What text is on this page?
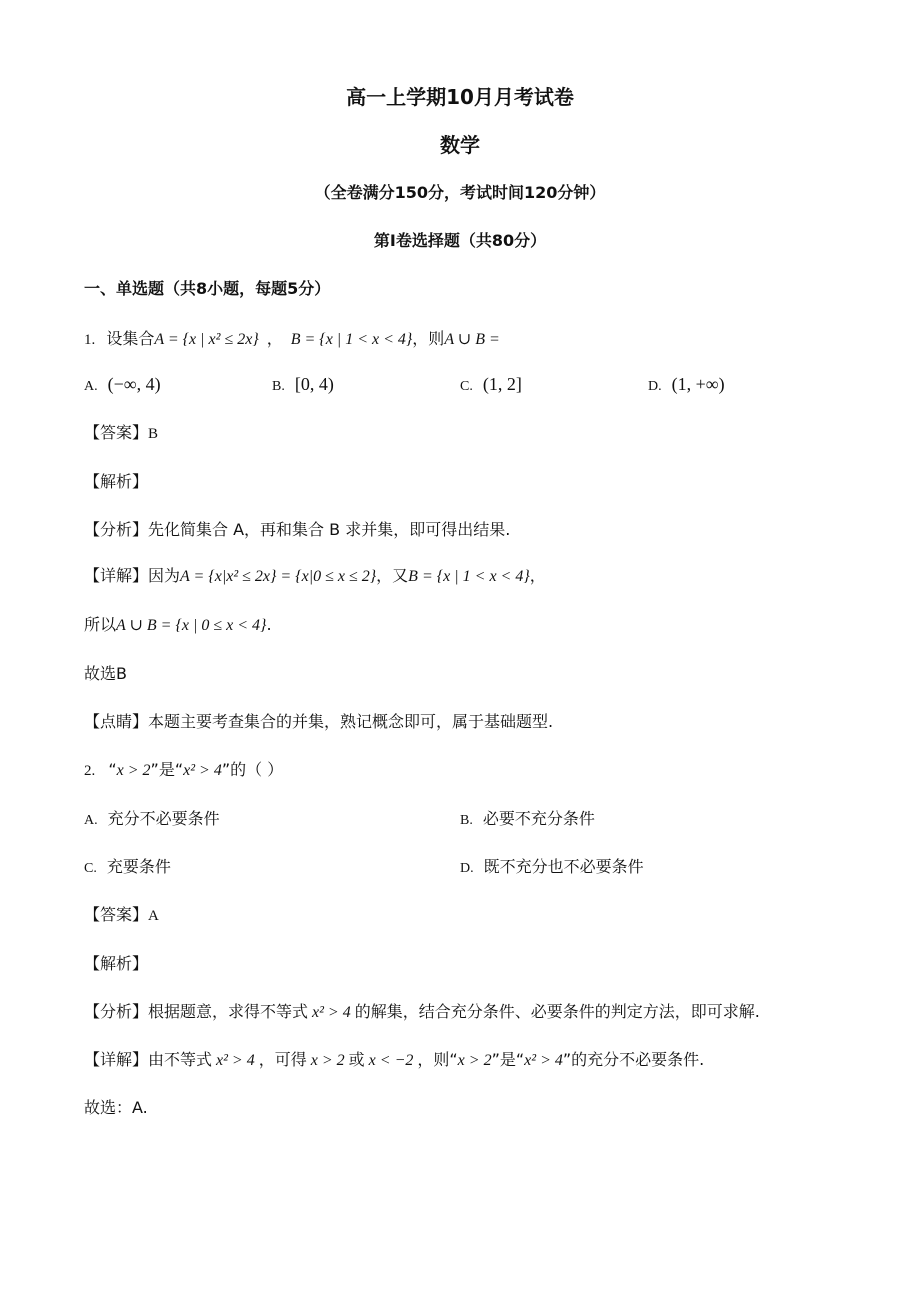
高一上学期10月月考试卷
数学
（全卷满分150分，考试时间120分钟）
第Ⅰ卷选择题（共80分）
一、单选题（共8小题，每题5分）
1. 设集合A = {x | x² ≤ 2x} ， B = {x | 1 < x < 4}，则A ∪ B =
A. (−∞, 4)	B. [0, 4)	C. (1, 2]	D. (1, +∞)
【答案】B
【解析】
【分析】先化简集合 A，再和集合 B 求并集，即可得出结果.
【详解】因为A = {x|x² ≤ 2x} = {x|0 ≤ x ≤ 2}，又B = {x | 1 < x < 4}，
所以A ∪ B = {x | 0 ≤ x < 4}.
故选B
【点睛】本题主要考查集合的并集，熟记概念即可，属于基础题型.
2. “x > 2”是“x² > 4”的（ ）
A. 充分不必要条件	B. 必要不充分条件
C. 充要条件	D. 既不充分也不必要条件
【答案】A
【解析】
【分析】根据题意，求得不等式 x² > 4 的解集，结合充分条件、必要条件的判定方法，即可求解.
【详解】由不等式 x² > 4 ，可得 x > 2 或 x < −2 ，则“x > 2”是“x² > 4”的充分不必要条件.
故选：A.
